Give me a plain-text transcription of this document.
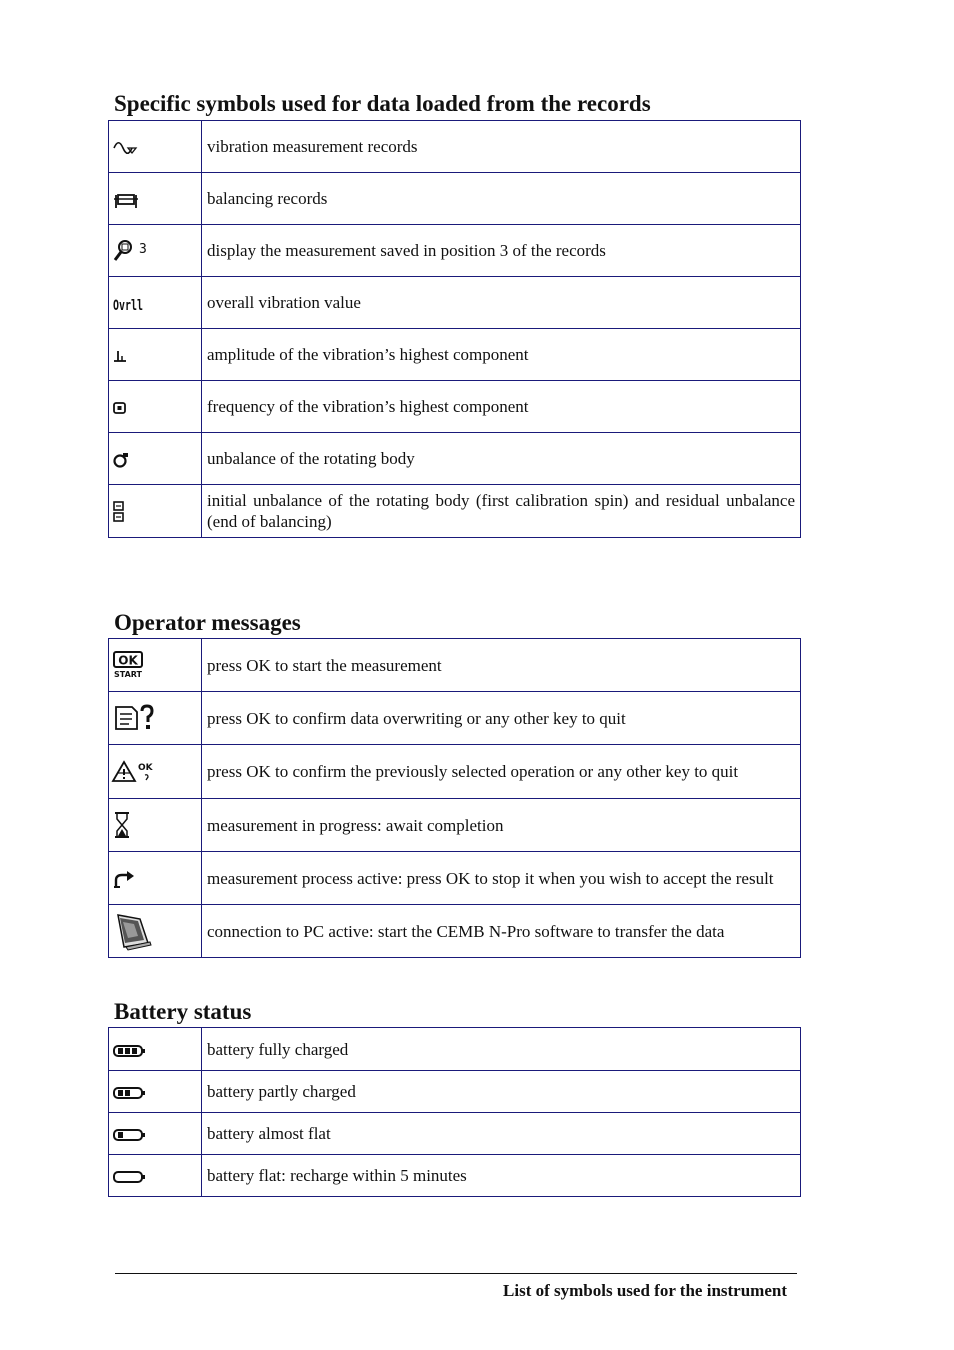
Specific symbols used for data loaded from the records
	vibration measurement records

	balancing records

3	display the measurement saved in position 3 of the records

Ovrll	overall vibration value

	amplitude of the vibration’s highest component

	frequency of the vibration’s highest component

	unbalance of the rotating body

	initial unbalance of the rotating body (first calibration spin) and residual unbalance (end of balancing)
Operator messages
OK
START	press OK to start the measurement

	press OK to confirm data overwriting or any other key to quit

OK	press OK to confirm the previously selected operation or any other key to quit

	measurement in progress: await completion

	measurement process active: press OK to stop it when you wish to accept the result

	connection to PC active: start the CEMB N-Pro software to transfer the data
Battery status
	battery fully charged

	battery partly charged

	battery almost flat

	battery flat: recharge within 5 minutes
List of symbols used for the instrument
